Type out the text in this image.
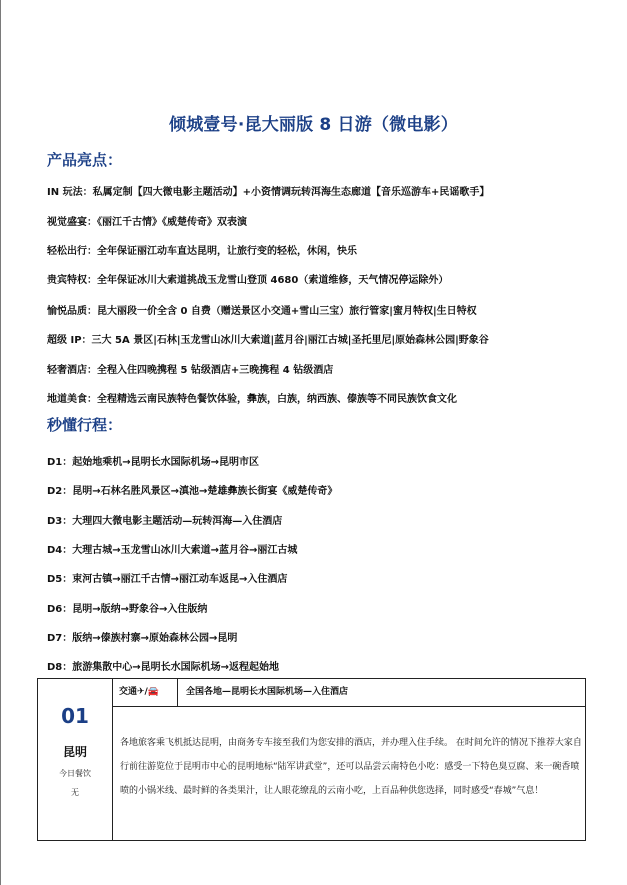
倾城壹号·昆大丽版 8 日游（微电影）
产品亮点：
IN 玩法：私属定制【四大微电影主题活动】+小资情调玩转洱海生态廊道【音乐巡游车+民谣歌手】
视觉盛宴：《丽江千古情》《威楚传奇》双表演
轻松出行：全年保证丽江动车直达昆明，让旅行变的轻松，休闲，快乐
贵宾特权：全年保证冰川大索道挑战玉龙雪山登顶 4680（索道维修，天气情况停运除外）
愉悦品质：昆大丽段一价全含 0 自费（赠送景区小交通+雪山三宝）旅行管家|蜜月特权|生日特权
超级 IP：三大 5A 景区|石林|玉龙雪山冰川大索道|蓝月谷|丽江古城|圣托里尼|原始森林公园|野象谷
轻奢酒店：全程入住四晚携程 5 钻级酒店+三晚携程 4 钻级酒店
地道美食：全程精选云南民族特色餐饮体验，彝族，白族，纳西族、傣族等不同民族饮食文化
秒懂行程：
D1：起始地乘机→昆明长水国际机场→昆明市区
D2：昆明→石林名胜风景区→滇池→楚雄彝族长街宴《威楚传奇》
D3：大理四大微电影主题活动—玩转洱海—入住酒店
D4：大理古城→玉龙雪山冰川大索道→蓝月谷→丽江古城
D5：束河古镇→丽江千古情→丽江动车返昆→入住酒店
D6：昆明→版纳→野象谷→入住版纳
D7：版纳→傣族村寨→原始森林公园→昆明
D8：旅游集散中心→昆明长水国际机场→返程起始地
01
昆明
今日餐饮
无
交通✈/🚘	全国各地—昆明长水国际机场—入住酒店
各地旅客乘飞机抵达昆明，由商务专车接至我们为您安排的酒店，并办理入住手续。 在时间允许的情况下推荐大家自行前往游览位于昆明市中心的昆明地标“陆军讲武堂”，还可以品尝云南特色小吃：感受一下特色臭豆腐、来一碗香喷喷的小锅米线、最时鲜的各类果汁，让人眼花缭乱的云南小吃，上百品种供您选择，同时感受“春城”气息！
